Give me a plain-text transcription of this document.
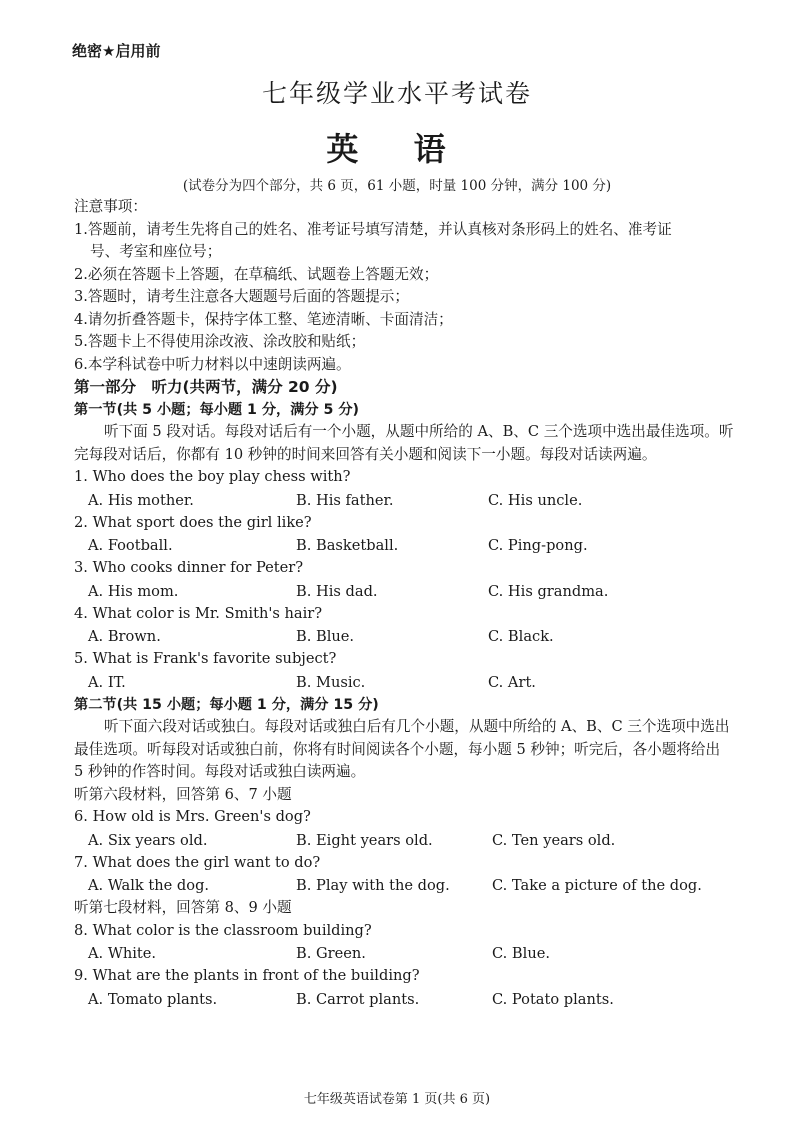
绝密★启用前
七年级学业水平考试卷
英 语
(试卷分为四个部分，共 6 页，61 小题，时量 100 分钟，满分 100 分)
注意事项：
1.答题前，请考生先将自己的姓名、准考证号填写清楚，并认真核对条形码上的姓名、准考证
号、考室和座位号；
2.必须在答题卡上答题，在草稿纸、试题卷上答题无效；
3.答题时，请考生注意各大题题号后面的答题提示；
4.请勿折叠答题卡，保持字体工整、笔迹清晰、卡面清洁；
5.答题卡上不得使用涂改液、涂改胶和贴纸；
6.本学科试卷中听力材料以中速朗读两遍。
第一部分　听力(共两节，满分 20 分)
第一节(共 5 小题；每小题 1 分，满分 5 分)
听下面 5 段对话。每段对话后有一个小题，从题中所给的 A、B、C 三个选项中选出最佳选项。听完每段对话后，你都有 10 秒钟的时间来回答有关小题和阅读下一小题。每段对话读两遍。
1. Who does the boy play chess with?
A. His mother.	B. His father.	C. His uncle.
2. What sport does the girl like?
A. Football.	B. Basketball.	C. Ping-pong.
3. Who cooks dinner for Peter?
A. His mom.	B. His dad.	C. His grandma.
4. What color is Mr. Smith's hair?
A. Brown.	B. Blue.	C. Black.
5. What is Frank's favorite subject?
A. IT.	B. Music.	C. Art.
第二节(共 15 小题；每小题 1 分，满分 15 分)
听下面六段对话或独白。每段对话或独白后有几个小题，从题中所给的 A、B、C 三个选项中选出最佳选项。听每段对话或独白前，你将有时间阅读各个小题，每小题 5 秒钟；听完后，各小题将给出 5 秒钟的作答时间。每段对话或独白读两遍。
听第六段材料，回答第 6、7 小题
6. How old is Mrs. Green's dog?
A. Six years old.	B. Eight years old.	C. Ten years old.
7. What does the girl want to do?
A. Walk the dog.	B. Play with the dog.	C. Take a picture of the dog.
听第七段材料，回答第 8、9 小题
8. What color is the classroom building?
A. White.	B. Green.	C. Blue.
9. What are the plants in front of the building?
A. Tomato plants.	B. Carrot plants.	C. Potato plants.
七年级英语试卷第 1 页(共 6 页)
